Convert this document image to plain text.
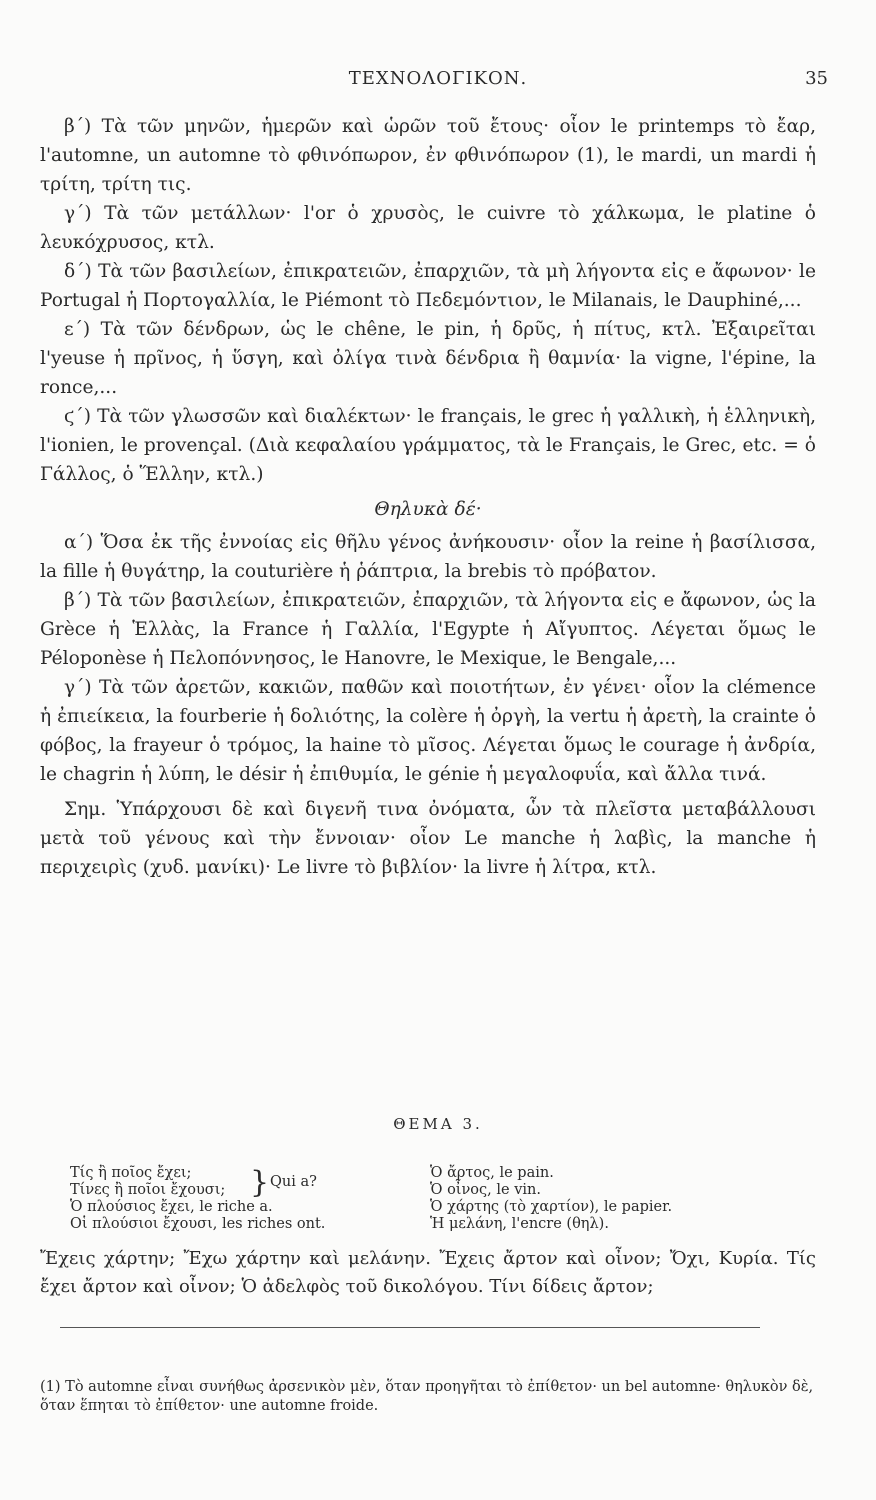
ΤΕΧΝΟΛΟΓΙΚΟΝ.	35

β΄) Τὰ τῶν μηνῶν, ἡμερῶν καὶ ὡρῶν τοῦ ἔτους· οἷον le printemps τὸ ἔαρ, l'automne, un automne τὸ φθινόπωρον, ἐν φθινόπωρον (1), le mardi, un mardi ἡ τρίτη, τρίτη τις.

γ΄) Τὰ τῶν μετάλλων· l'or ὁ χρυσὸς, le cuivre τὸ χάλκωμα, le platine ὁ λευκόχρυσος, κτλ.

δ΄) Τὰ τῶν βασιλείων, ἐπικρατειῶν, ἐπαρχιῶν, τὰ μὴ λήγοντα εἰς e ἄφωνον· le Portugal ἡ Πορτογαλλία, le Piémont τὸ Πεδεμόντιον, le Milanais, le Dauphiné,...

ε΄) Τὰ τῶν δένδρων, ὡς le chêne, le pin, ἡ δρῦς, ἡ πίτυς, κτλ. Ἐξαιρεῖται l'yeuse ἡ πρῖνος, ἡ ὕσγη, καὶ ὀλίγα τινὰ δένδρια ἢ θαμνία· la vigne, l'épine, la ronce,...

ϛ΄) Τὰ τῶν γλωσσῶν καὶ διαλέκτων· le français, le grec ἡ γαλλικὴ, ἡ ἑλληνικὴ, l'ionien, le provençal. (Διὰ κεφαλαίου γράμματος, τὰ le Français, le Grec, etc. = ὁ Γάλλος, ὁ Ἕλλην, κτλ.)

Θηλυκὰ δέ·

α΄) Ὅσα ἐκ τῆς ἐννοίας εἰς θῆλυ γένος ἀνήκουσιν· οἷον la reine ἡ βασίλισσα, la fille ἡ θυγάτηρ, la couturière ἡ ῥάπτρια, la brebis τὸ πρόβατον.

β΄) Τὰ τῶν βασιλείων, ἐπικρατειῶν, ἐπαρχιῶν, τὰ λήγοντα εἰς e ἄφωνον, ὡς la Grèce ἡ Ἑλλὰς, la France ἡ Γαλλία, l'Egypte ἡ Αἴγυπτος. Λέγεται ὅμως le Péloponèse ἡ Πελοπόννησος, le Hanovre, le Mexique, le Bengale,...

γ΄) Τὰ τῶν ἀρετῶν, κακιῶν, παθῶν καὶ ποιοτήτων, ἐν γένει· οἷον la clémence ἡ ἐπιείκεια, la fourberie ἡ δολιότης, la colère ἡ ὀργὴ, la vertu ἡ ἀρετὴ, la crainte ὁ φόβος, la frayeur ὁ τρόμος, la haine τὸ μῖσος. Λέγεται ὅμως le courage ἡ ἀνδρία, le chagrin ἡ λύπη, le désir ἡ ἐπιθυμία, le génie ἡ μεγαλοφυΐα, καὶ ἄλλα τινά.

Σημ. Ὑπάρχουσι δὲ καὶ διγενῆ τινα ὀνόματα, ὧν τὰ πλεῖστα μεταβάλλουσι μετὰ τοῦ γένους καὶ τὴν ἔννοιαν· οἷον Le manche ἡ λαβὶς, la manche ἡ περιχειρὶς (χυδ. μανίκι)· Le livre τὸ βιβλίον· la livre ἡ λίτρα, κτλ.

ΘΕΜΑ 3.
Τίς ἢ ποῖος ἔχει;
Τίνες ἢ ποῖοι ἔχουσι;
Ὁ πλούσιος ἔχει, le riche a.
Οἱ πλούσιοι ἔχουσι, les riches ont.
} Qui a?
Ὁ ἄρτος, le pain.
Ὁ οἶνος, le vin.
Ὁ χάρτης (τὸ χαρτίον), le papier.
Ἡ μελάνη, l'encre (θηλ).
Ἔχεις χάρτην; Ἔχω χάρτην καὶ μελάνην. Ἔχεις ἄρτον καὶ οἶνον; Ὄχι, Κυρία. Τίς ἔχει ἄρτον καὶ οἶνον; Ὁ ἀδελφὸς τοῦ δικολόγου. Τίνι δίδεις ἄρτον;
(1) Τὸ automne εἶναι συνήθως ἀρσενικὸν μὲν, ὅταν προηγῆται τὸ ἐπίθετον· un bel automne· θηλυκὸν δὲ, ὅταν ἕπηται τὸ ἐπίθετον· une automne froide.
